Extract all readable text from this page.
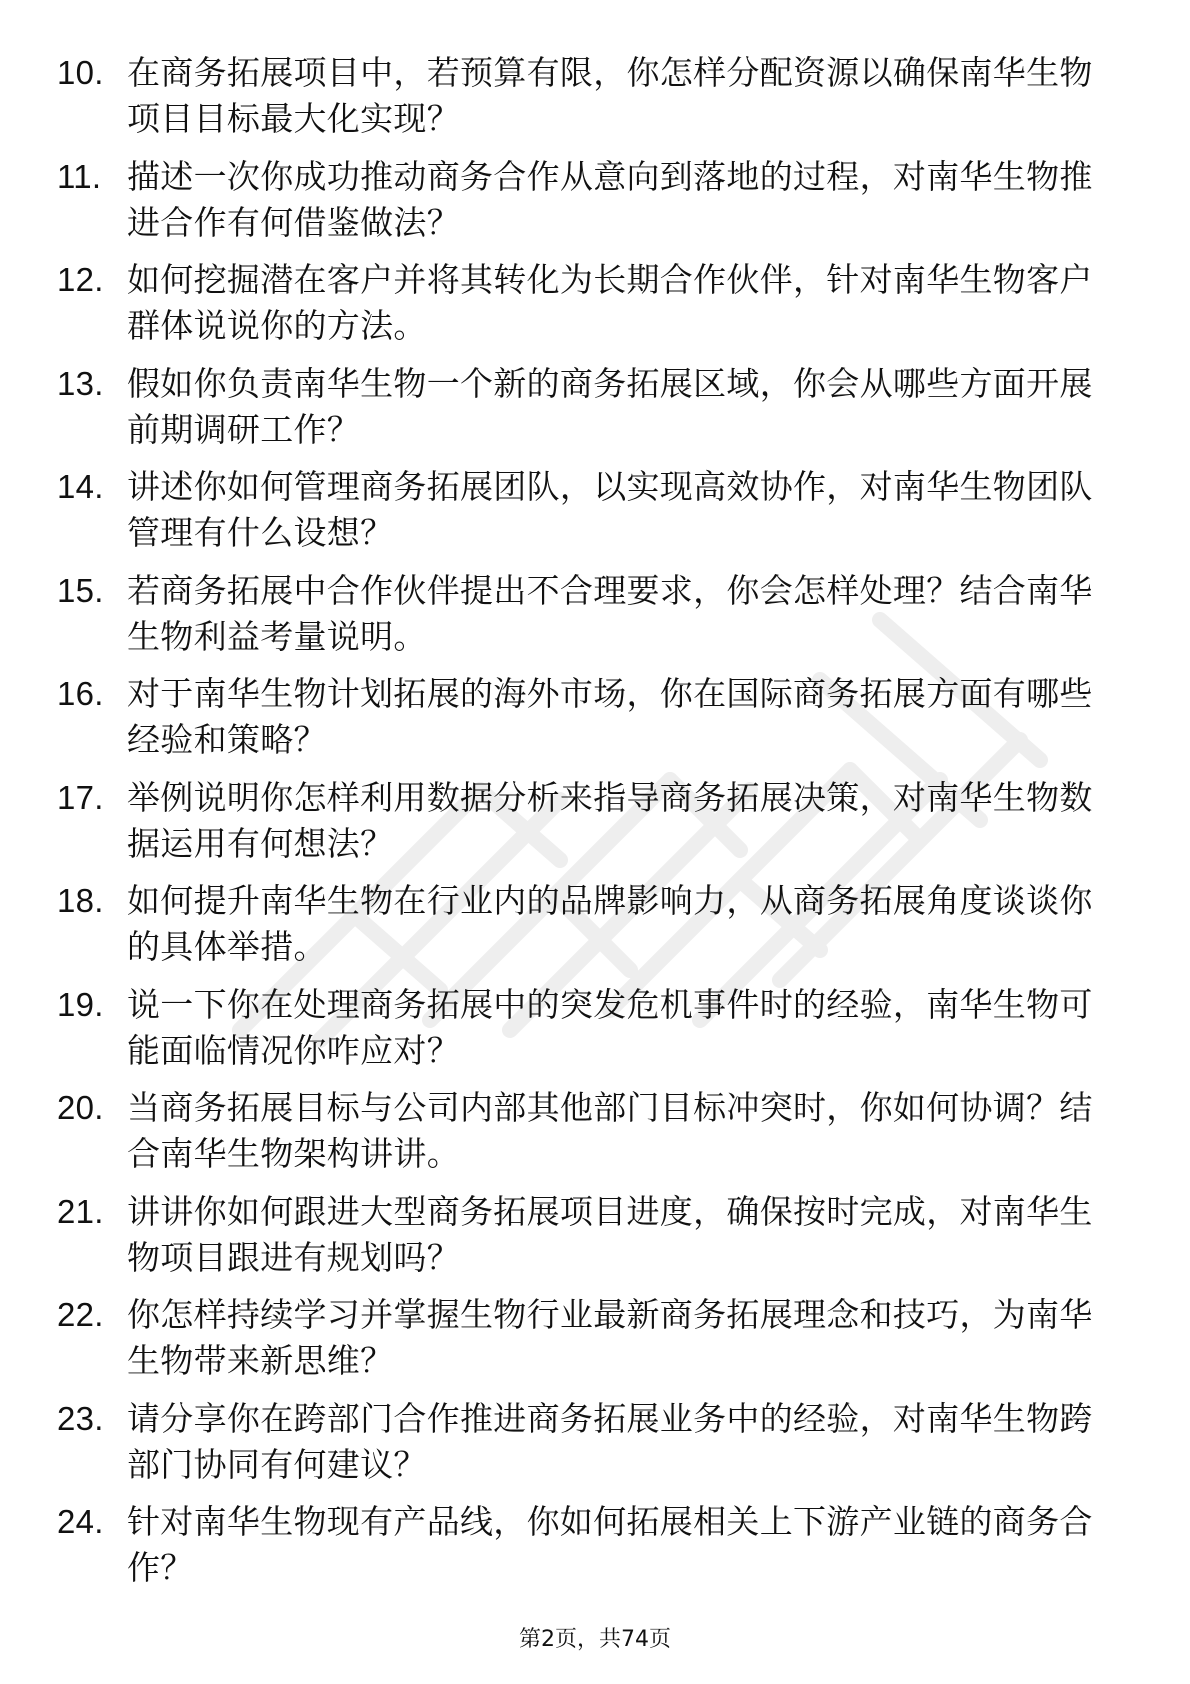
10. 在商务拓展项目中，若预算有限，你怎样分配资源以确保南华生物项目目标最大化实现？
11. 描述一次你成功推动商务合作从意向到落地的过程，对南华生物推进合作有何借鉴做法？
12. 如何挖掘潜在客户并将其转化为长期合作伙伴，针对南华生物客户群体说说你的方法。
13. 假如你负责南华生物一个新的商务拓展区域，你会从哪些方面开展前期调研工作？
14. 讲述你如何管理商务拓展团队，以实现高效协作，对南华生物团队管理有什么设想？
15. 若商务拓展中合作伙伴提出不合理要求，你会怎样处理？结合南华生物利益考量说明。
16. 对于南华生物计划拓展的海外市场，你在国际商务拓展方面有哪些经验和策略？
17. 举例说明你怎样利用数据分析来指导商务拓展决策，对南华生物数据运用有何想法？
18. 如何提升南华生物在行业内的品牌影响力，从商务拓展角度谈谈你的具体举措。
19. 说一下你在处理商务拓展中的突发危机事件时的经验，南华生物可能面临情况你咋应对？
20. 当商务拓展目标与公司内部其他部门目标冲突时，你如何协调？结合南华生物架构讲讲。
21. 讲讲你如何跟进大型商务拓展项目进度，确保按时完成，对南华生物项目跟进有规划吗？
22. 你怎样持续学习并掌握生物行业最新商务拓展理念和技巧，为南华生物带来新思维？
23. 请分享你在跨部门合作推进商务拓展业务中的经验，对南华生物跨部门协同有何建议？
24. 针对南华生物现有产品线，你如何拓展相关上下游产业链的商务合作？
第2页，共74页
